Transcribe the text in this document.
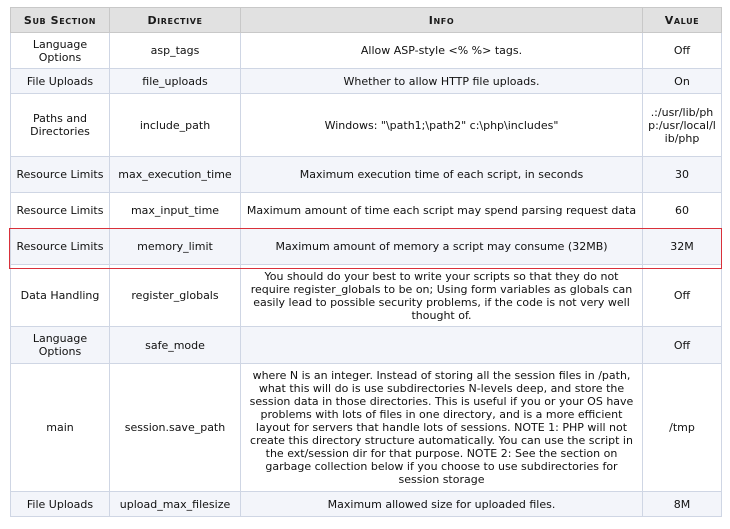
Sub Section	Directive	Info	Value
Language Options	asp_tags	Allow ASP-style <% %> tags.	Off
File Uploads	file_uploads	Whether to allow HTTP file uploads.	On
Paths and Directories	include_path	Windows: "\path1;\path2" c:\php\includes"	.:/usr/lib/php:/usr/local/lib/php
Resource Limits	max_execution_time	Maximum execution time of each script, in seconds	30
Resource Limits	max_input_time	Maximum amount of time each script may spend parsing request data	60
Resource Limits	memory_limit	Maximum amount of memory a script may consume (32MB)	32M
Data Handling	register_globals	You should do your best to write your scripts so that they do not require register_globals to be on; Using form variables as globals can easily lead to possible security problems, if the code is not very well thought of.	Off
Language Options	safe_mode		Off
main	session.save_path	where N is an integer. Instead of storing all the session files in /path, what this will do is use subdirectories N-levels deep, and store the session data in those directories. This is useful if you or your OS have problems with lots of files in one directory, and is a more efficient layout for servers that handle lots of sessions. NOTE 1: PHP will not create this directory structure automatically. You can use the script in the ext/session dir for that purpose. NOTE 2: See the section on garbage collection below if you choose to use subdirectories for session storage	/tmp
File Uploads	upload_max_filesize	Maximum allowed size for uploaded files.	8M
